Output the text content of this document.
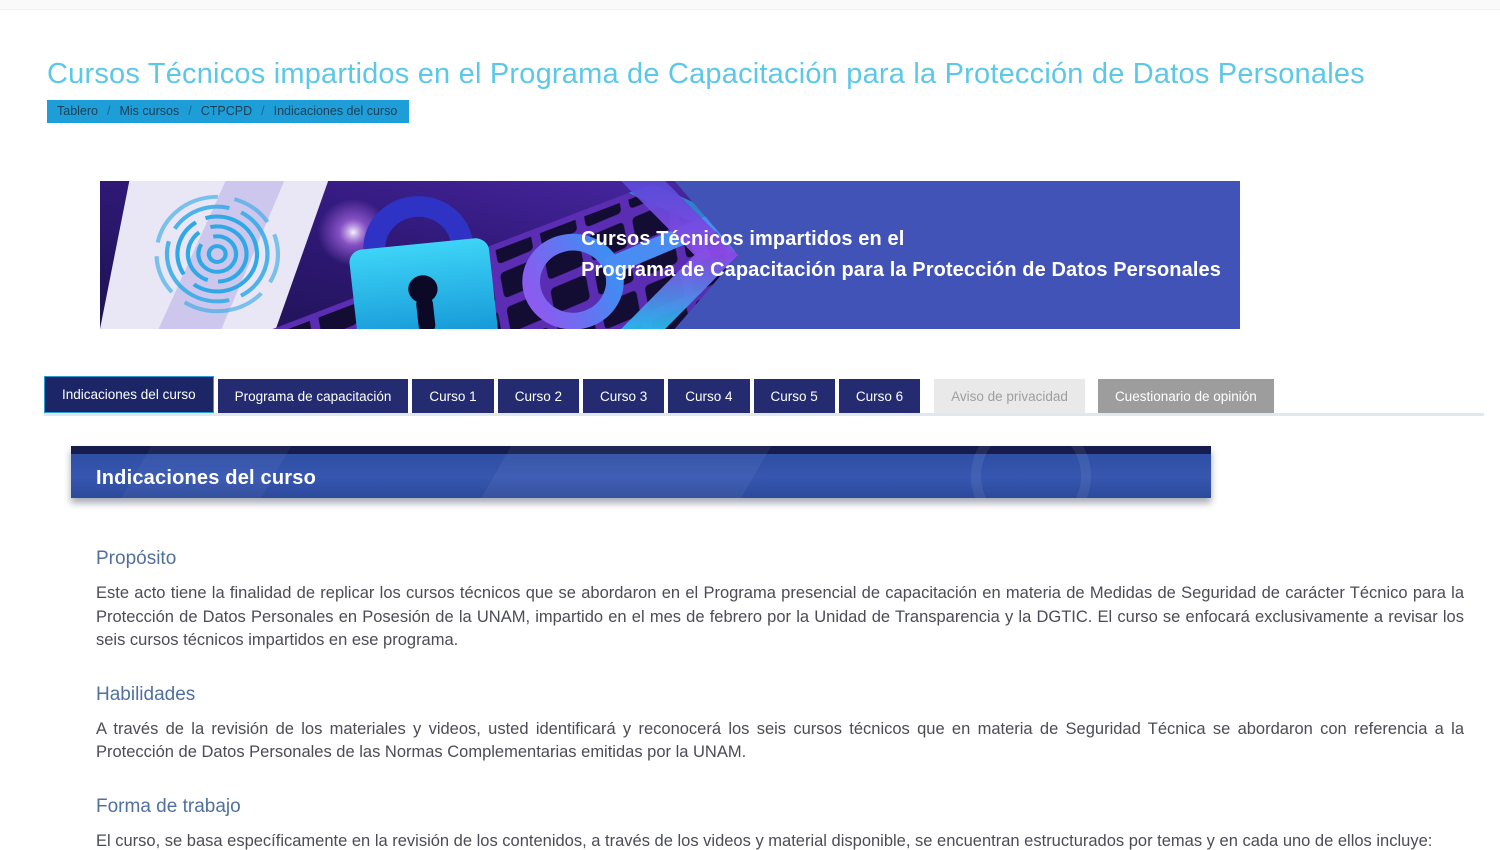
Cursos Técnicos impartidos en el Programa de Capacitación para la Protección de Datos Personales
Tablero / Mis cursos / CTPCPD / Indicaciones del curso
Cursos Técnicos impartidos en el
Programa de Capacitación para la Protección de Datos Personales
Indicaciones del curso	Programa de capacitación	Curso 1	Curso 2	Curso 3	Curso 4	Curso 5	Curso 6	Aviso de privacidad	Cuestionario de opinión
Indicaciones del curso
Propósito

Este acto tiene la finalidad de replicar los cursos técnicos que se abordaron en el Programa presencial de capacitación en materia de Medidas de Seguridad de carácter Técnico para la Protección de Datos Personales en Posesión de la UNAM, impartido en el mes de febrero por la Unidad de Transparencia y la DGTIC. El curso se enfocará exclusivamente a revisar los seis cursos técnicos impartidos en ese programa.

Habilidades

A través de la revisión de los materiales y videos, usted identificará y reconocerá los seis cursos técnicos que en materia de Seguridad Técnica se abordaron con referencia a la Protección de Datos Personales de las Normas Complementarias emitidas por la UNAM.

Forma de trabajo

El curso, se basa específicamente en la revisión de los contenidos, a través de los videos y material disponible, se encuentran estructurados por temas y en cada uno de ellos incluye:
